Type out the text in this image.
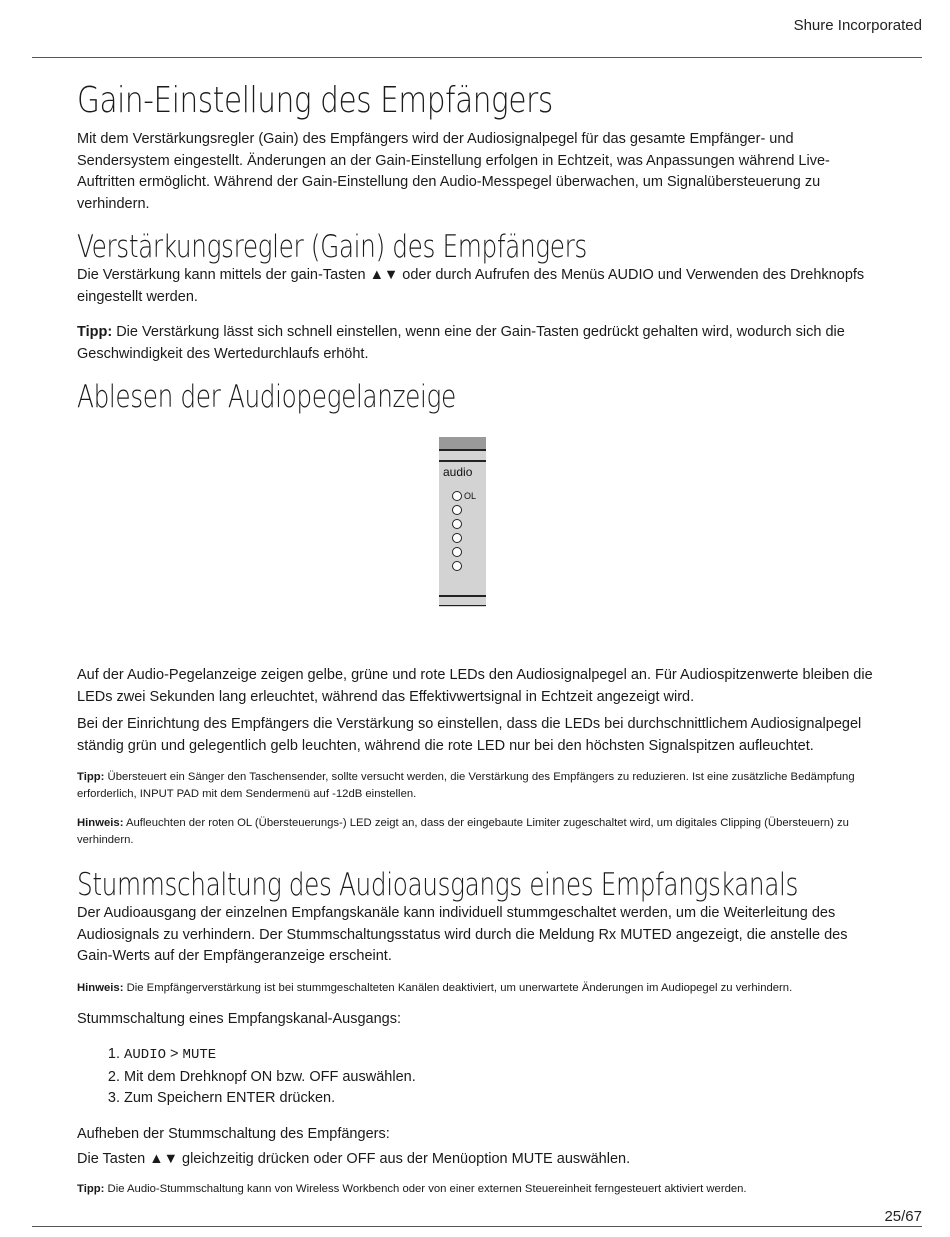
Shure Incorporated
Gain-Einstellung des Empfängers

Mit dem Verstärkungsregler (Gain) des Empfängers wird der Audiosignalpegel für das gesamte Empfänger- und Sendersystem eingestellt. Änderungen an der Gain-Einstellung erfolgen in Echtzeit, was Anpassungen während Live-Auftritten ermöglicht. Während der Gain-Einstellung den Audio-Messpegel überwachen, um Signalübersteuerung zu verhindern.

Verstärkungsregler (Gain) des Empfängers

Die Verstärkung kann mittels der gain-Tasten ▲▼ oder durch Aufrufen des Menüs AUDIO und Verwenden des Drehknopfs eingestellt werden.

Tipp: Die Verstärkung lässt sich schnell einstellen, wenn eine der Gain-Tasten gedrückt gehalten wird, wodurch sich die Geschwindigkeit des Wertedurchlaufs erhöht.

Ablesen der Audiopegelanzeige
audio
OL

Auf der Audio-Pegelanzeige zeigen gelbe, grüne und rote LEDs den Audiosignalpegel an. Für Audiospitzenwerte bleiben die LEDs zwei Sekunden lang erleuchtet, während das Effektivwertsignal in Echtzeit angezeigt wird.

Bei der Einrichtung des Empfängers die Verstärkung so einstellen, dass die LEDs bei durchschnittlichem Audiosignalpegel ständig grün und gelegentlich gelb leuchten, während die rote LED nur bei den höchsten Signalspitzen aufleuchtet.

Tipp: Übersteuert ein Sänger den Taschensender, sollte versucht werden, die Verstärkung des Empfängers zu reduzieren. Ist eine zusätzliche Bedämpfung erforderlich, INPUT PAD mit dem Sendermenü auf -12dB einstellen.

Hinweis: Aufleuchten der roten OL (Übersteuerungs-) LED zeigt an, dass der eingebaute Limiter zugeschaltet wird, um digitales Clipping (Übersteuern) zu verhindern.

Stummschaltung des Audioausgangs eines Empfangskanals

Der Audioausgang der einzelnen Empfangskanäle kann individuell stummgeschaltet werden, um die Weiterleitung des Audiosignals zu verhindern. Der Stummschaltungsstatus wird durch die Meldung Rx MUTED angezeigt, die anstelle des Gain-Werts auf der Empfängeranzeige erscheint.

Hinweis: Die Empfängerverstärkung ist bei stummgeschalteten Kanälen deaktiviert, um unerwartete Änderungen im Audiopegel zu verhindern.

Stummschaltung eines Empfangskanal-Ausgangs:

1. AUDIO > MUTE
2. Mit dem Drehknopf ON bzw. OFF auswählen.
3. Zum Speichern ENTER drücken.

Aufheben der Stummschaltung des Empfängers:

Die Tasten ▲▼ gleichzeitig drücken oder OFF aus der Menüoption MUTE auswählen.

Tipp: Die Audio-Stummschaltung kann von Wireless Workbench oder von einer externen Steuereinheit ferngesteuert aktiviert werden.

25/67
